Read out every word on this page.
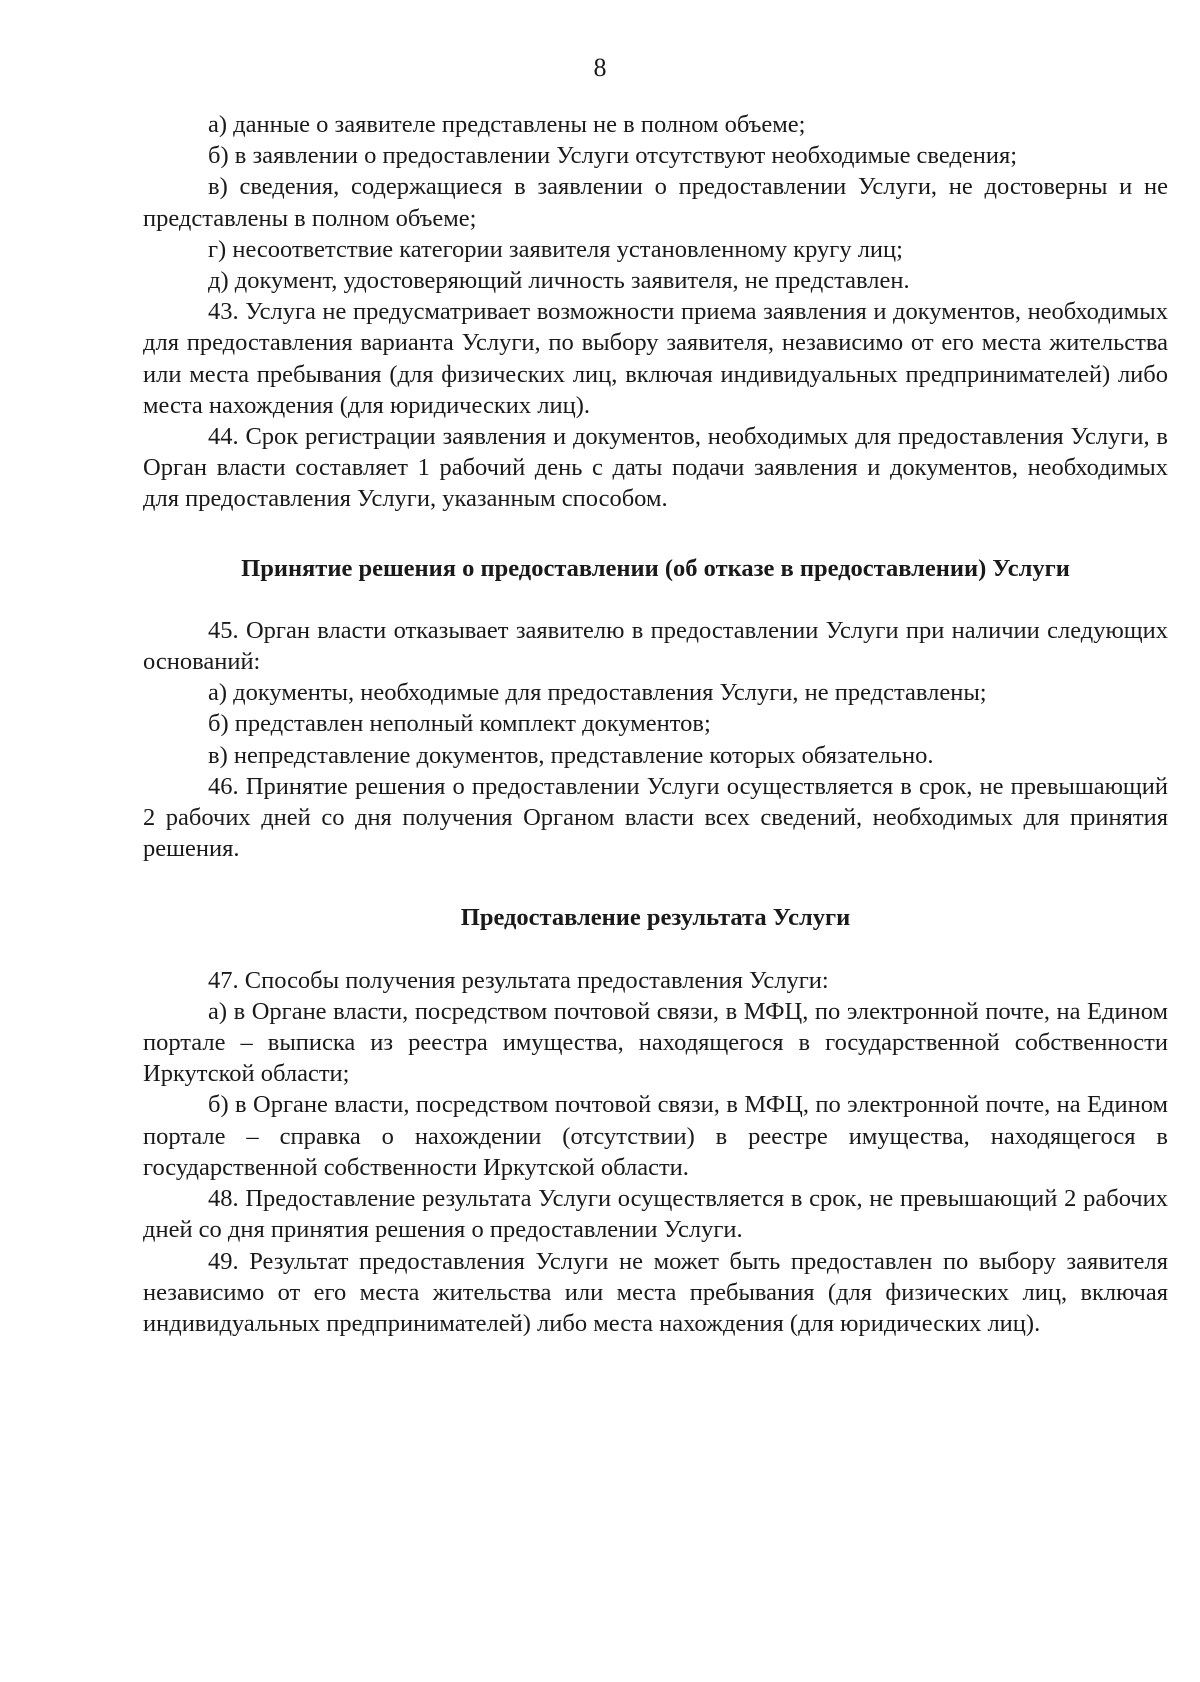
8

а) данные о заявителе представлены не в полном объеме;

б) в заявлении о предоставлении Услуги отсутствуют необходимые сведения;

в) сведения, содержащиеся в заявлении о предоставлении Услуги, не достоверны и не представлены в полном объеме;

г) несоответствие категории заявителя установленному кругу лиц;

д) документ, удостоверяющий личность заявителя, не представлен.

43. Услуга не предусматривает возможности приема заявления и документов, необходимых для предоставления варианта Услуги, по выбору заявителя, независимо от его места жительства или места пребывания (для физических лиц, включая индивидуальных предпринимателей) либо места нахождения (для юридических лиц).

44. Срок регистрации заявления и документов, необходимых для предоставления Услуги, в Орган власти составляет 1 рабочий день с даты подачи заявления и документов, необходимых для предоставления Услуги, указанным способом.

Принятие решения о предоставлении (об отказе в предоставлении) Услуги

45. Орган власти отказывает заявителю в предоставлении Услуги при наличии следующих оснований:

а) документы, необходимые для предоставления Услуги, не представлены;

б) представлен неполный комплект документов;

в) непредставление документов, представление которых обязательно.

46. Принятие решения о предоставлении Услуги осуществляется в срок, не превышающий 2 рабочих дней со дня получения Органом власти всех сведений, необходимых для принятия решения.

Предоставление результата Услуги

47. Способы получения результата предоставления Услуги:

а) в Органе власти, посредством почтовой связи, в МФЦ, по электронной почте, на Едином портале – выписка из реестра имущества, находящегося в государственной собственности Иркутской области;

б) в Органе власти, посредством почтовой связи, в МФЦ, по электронной почте, на Едином портале – справка о нахождении (отсутствии) в реестре имущества, находящегося в государственной собственности Иркутской области.

48. Предоставление результата Услуги осуществляется в срок, не превышающий 2 рабочих дней со дня принятия решения о предоставлении Услуги.

49. Результат предоставления Услуги не может быть предоставлен по выбору заявителя независимо от его места жительства или места пребывания (для физических лиц, включая индивидуальных предпринимателей) либо места нахождения (для юридических лиц).
